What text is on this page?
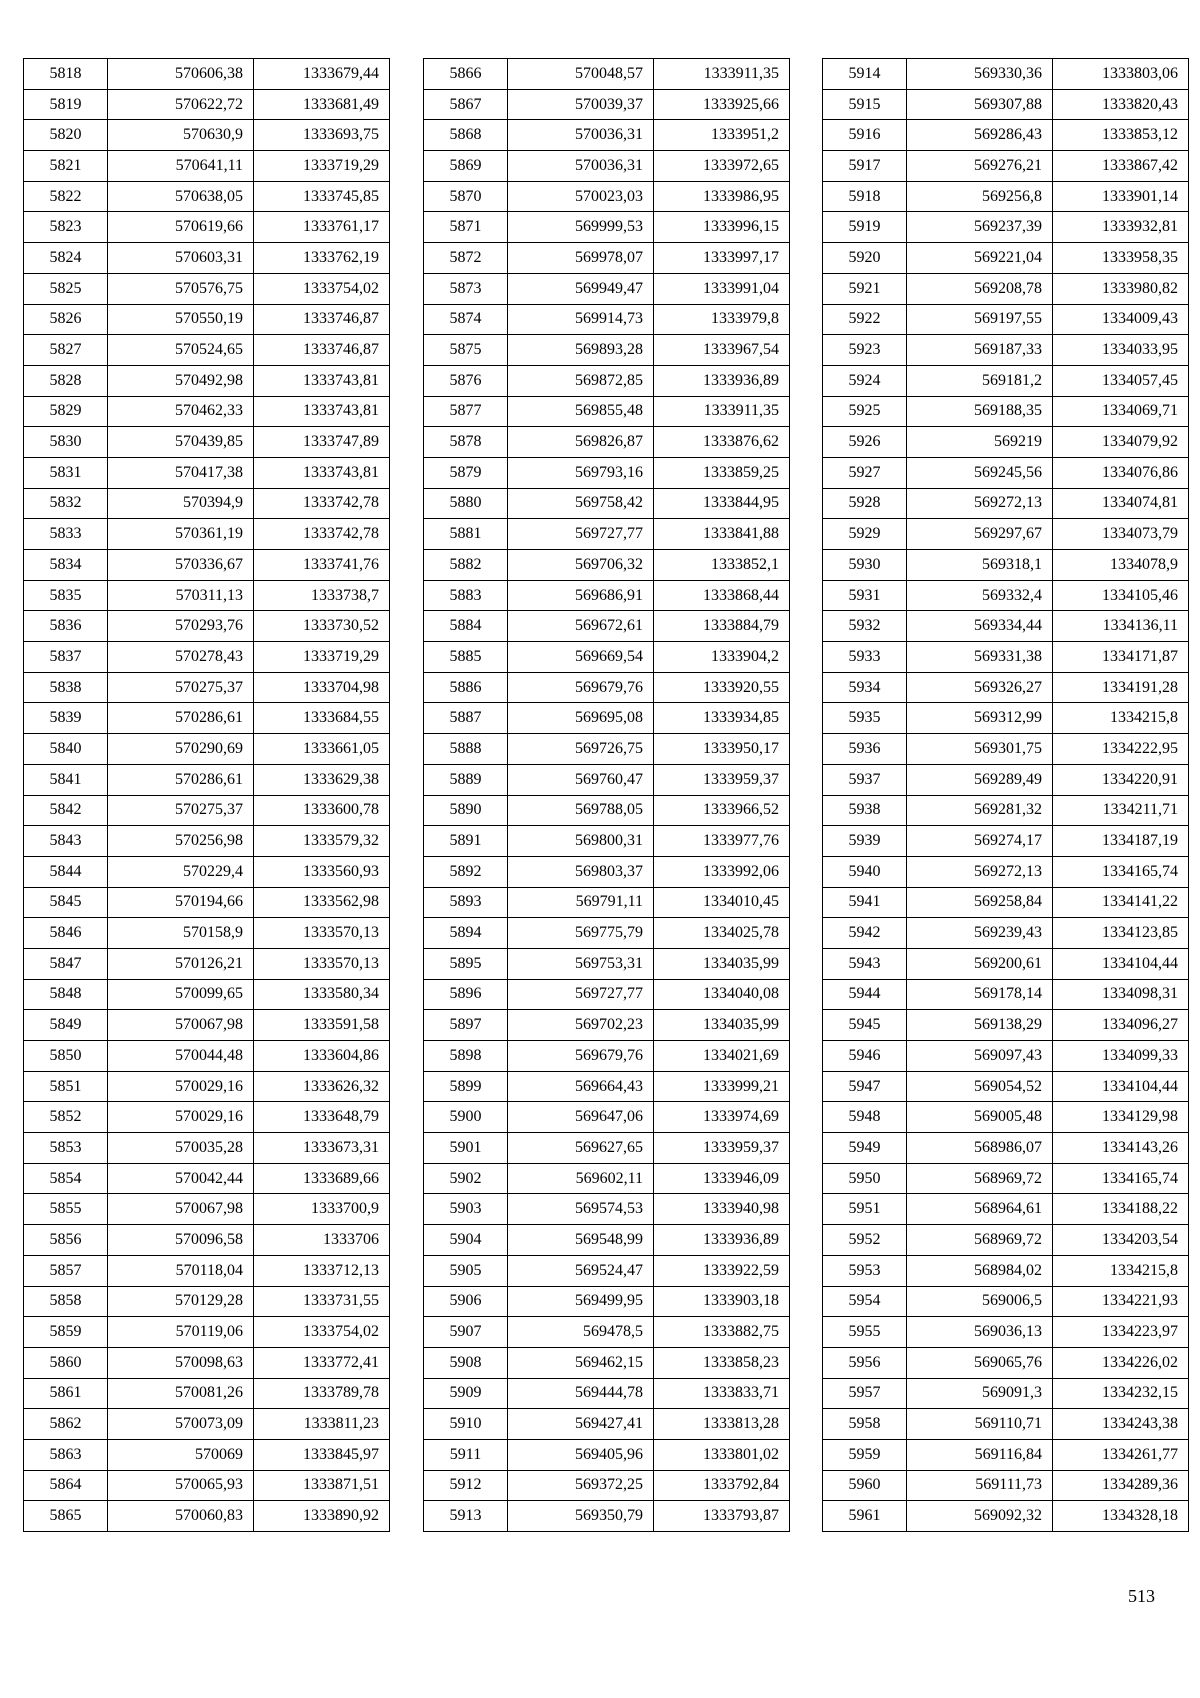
5818	570606,38	1333679,44
5819	570622,72	1333681,49
5820	570630,9	1333693,75
5821	570641,11	1333719,29
5822	570638,05	1333745,85
5823	570619,66	1333761,17
5824	570603,31	1333762,19
5825	570576,75	1333754,02
5826	570550,19	1333746,87
5827	570524,65	1333746,87
5828	570492,98	1333743,81
5829	570462,33	1333743,81
5830	570439,85	1333747,89
5831	570417,38	1333743,81
5832	570394,9	1333742,78
5833	570361,19	1333742,78
5834	570336,67	1333741,76
5835	570311,13	1333738,7
5836	570293,76	1333730,52
5837	570278,43	1333719,29
5838	570275,37	1333704,98
5839	570286,61	1333684,55
5840	570290,69	1333661,05
5841	570286,61	1333629,38
5842	570275,37	1333600,78
5843	570256,98	1333579,32
5844	570229,4	1333560,93
5845	570194,66	1333562,98
5846	570158,9	1333570,13
5847	570126,21	1333570,13
5848	570099,65	1333580,34
5849	570067,98	1333591,58
5850	570044,48	1333604,86
5851	570029,16	1333626,32
5852	570029,16	1333648,79
5853	570035,28	1333673,31
5854	570042,44	1333689,66
5855	570067,98	1333700,9
5856	570096,58	1333706
5857	570118,04	1333712,13
5858	570129,28	1333731,55
5859	570119,06	1333754,02
5860	570098,63	1333772,41
5861	570081,26	1333789,78
5862	570073,09	1333811,23
5863	570069	1333845,97
5864	570065,93	1333871,51
5865	570060,83	1333890,92
5866	570048,57	1333911,35
5867	570039,37	1333925,66
5868	570036,31	1333951,2
5869	570036,31	1333972,65
5870	570023,03	1333986,95
5871	569999,53	1333996,15
5872	569978,07	1333997,17
5873	569949,47	1333991,04
5874	569914,73	1333979,8
5875	569893,28	1333967,54
5876	569872,85	1333936,89
5877	569855,48	1333911,35
5878	569826,87	1333876,62
5879	569793,16	1333859,25
5880	569758,42	1333844,95
5881	569727,77	1333841,88
5882	569706,32	1333852,1
5883	569686,91	1333868,44
5884	569672,61	1333884,79
5885	569669,54	1333904,2
5886	569679,76	1333920,55
5887	569695,08	1333934,85
5888	569726,75	1333950,17
5889	569760,47	1333959,37
5890	569788,05	1333966,52
5891	569800,31	1333977,76
5892	569803,37	1333992,06
5893	569791,11	1334010,45
5894	569775,79	1334025,78
5895	569753,31	1334035,99
5896	569727,77	1334040,08
5897	569702,23	1334035,99
5898	569679,76	1334021,69
5899	569664,43	1333999,21
5900	569647,06	1333974,69
5901	569627,65	1333959,37
5902	569602,11	1333946,09
5903	569574,53	1333940,98
5904	569548,99	1333936,89
5905	569524,47	1333922,59
5906	569499,95	1333903,18
5907	569478,5	1333882,75
5908	569462,15	1333858,23
5909	569444,78	1333833,71
5910	569427,41	1333813,28
5911	569405,96	1333801,02
5912	569372,25	1333792,84
5913	569350,79	1333793,87
5914	569330,36	1333803,06
5915	569307,88	1333820,43
5916	569286,43	1333853,12
5917	569276,21	1333867,42
5918	569256,8	1333901,14
5919	569237,39	1333932,81
5920	569221,04	1333958,35
5921	569208,78	1333980,82
5922	569197,55	1334009,43
5923	569187,33	1334033,95
5924	569181,2	1334057,45
5925	569188,35	1334069,71
5926	569219	1334079,92
5927	569245,56	1334076,86
5928	569272,13	1334074,81
5929	569297,67	1334073,79
5930	569318,1	1334078,9
5931	569332,4	1334105,46
5932	569334,44	1334136,11
5933	569331,38	1334171,87
5934	569326,27	1334191,28
5935	569312,99	1334215,8
5936	569301,75	1334222,95
5937	569289,49	1334220,91
5938	569281,32	1334211,71
5939	569274,17	1334187,19
5940	569272,13	1334165,74
5941	569258,84	1334141,22
5942	569239,43	1334123,85
5943	569200,61	1334104,44
5944	569178,14	1334098,31
5945	569138,29	1334096,27
5946	569097,43	1334099,33
5947	569054,52	1334104,44
5948	569005,48	1334129,98
5949	568986,07	1334143,26
5950	568969,72	1334165,74
5951	568964,61	1334188,22
5952	568969,72	1334203,54
5953	568984,02	1334215,8
5954	569006,5	1334221,93
5955	569036,13	1334223,97
5956	569065,76	1334226,02
5957	569091,3	1334232,15
5958	569110,71	1334243,38
5959	569116,84	1334261,77
5960	569111,73	1334289,36
5961	569092,32	1334328,18
513
